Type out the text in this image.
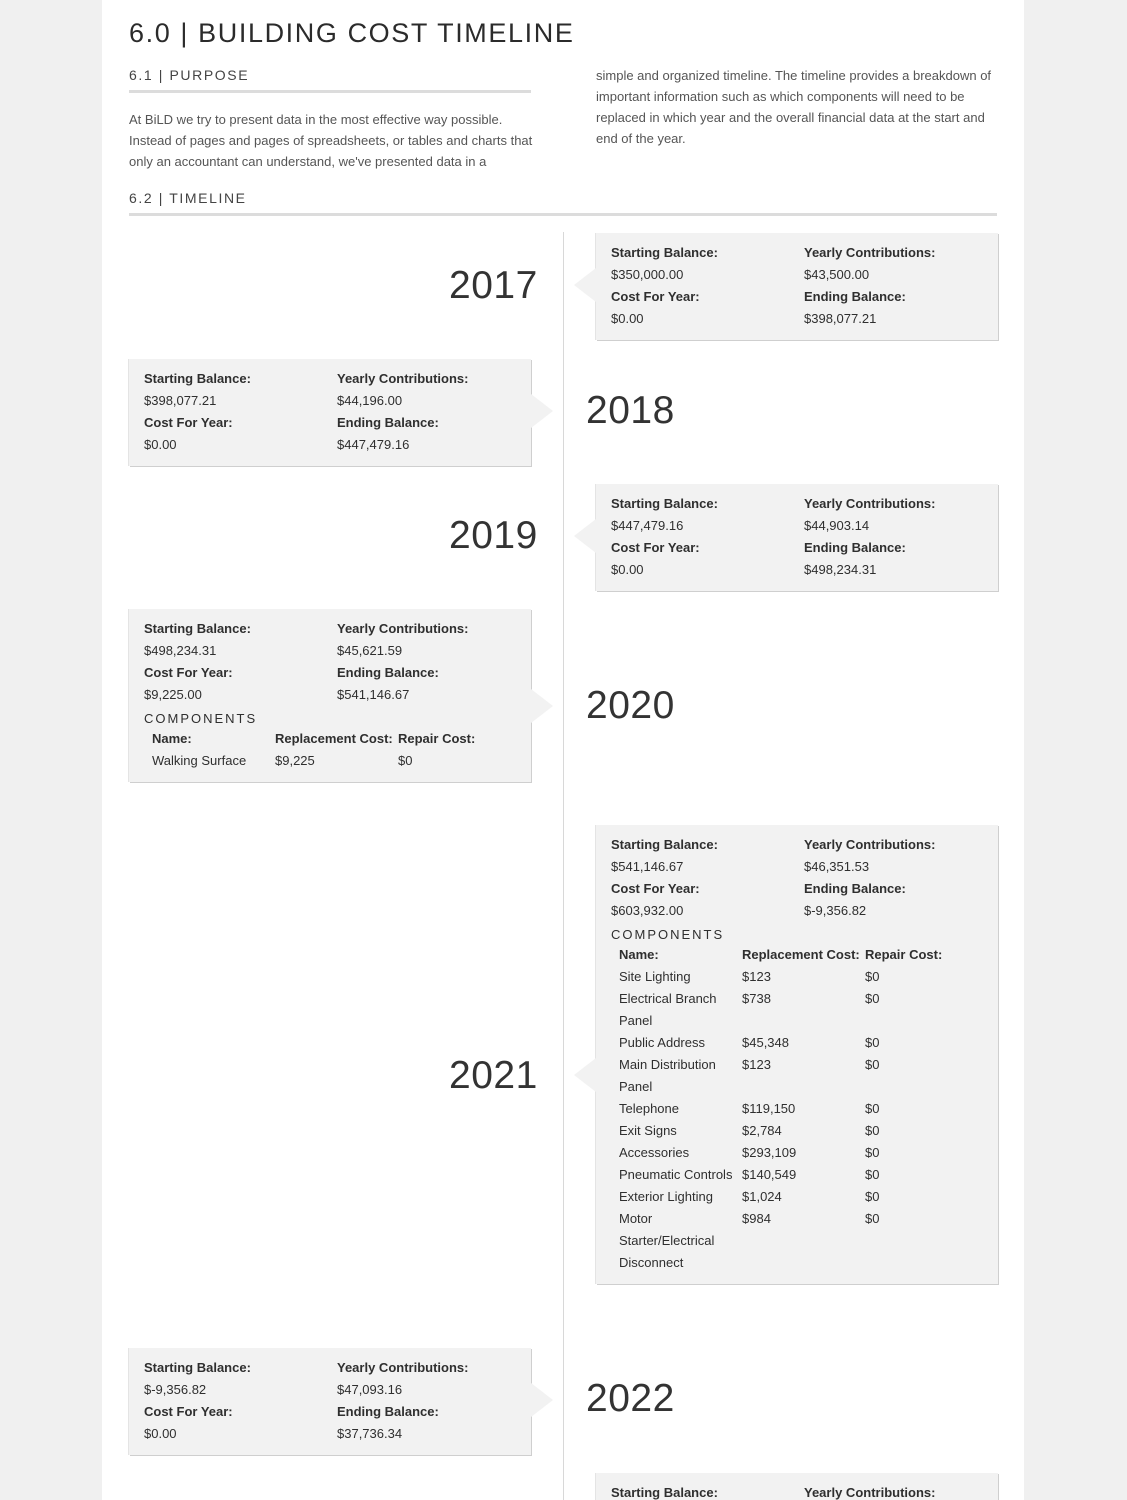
6.0 | BUILDING COST TIMELINE
6.1 | PURPOSE
At BiLD we try to present data in the most effective way possible. Instead of pages and pages of spreadsheets, or tables and charts that only an accountant can understand, we've presented data in a
simple and organized timeline. The timeline provides a breakdown of important information such as which components will need to be replaced in which year and the overall financial data at the start and end of the year.
6.2 | TIMELINE
2017
Starting Balance:	Yearly Contributions:
$350,000.00	$43,500.00
Cost For Year:	Ending Balance:
$0.00	$398,077.21
2018
Starting Balance:	Yearly Contributions:
$398,077.21	$44,196.00
Cost For Year:	Ending Balance:
$0.00	$447,479.16
2019
Starting Balance:	Yearly Contributions:
$447,479.16	$44,903.14
Cost For Year:	Ending Balance:
$0.00	$498,234.31
2020
Starting Balance:	Yearly Contributions:
$498,234.31	$45,621.59
Cost For Year:	Ending Balance:
$9,225.00	$541,146.67
COMPONENTS
Name:	Replacement Cost: Repair Cost:
Walking Surface	$9,225	$0
2021
Starting Balance:	Yearly Contributions:
$541,146.67	$46,351.53
Cost For Year:	Ending Balance:
$603,932.00	$-9,356.82
COMPONENTS
Name:	Replacement Cost: Repair Cost:
Site Lighting	$123	$0
Electrical Branch Panel
$738	$0
Public Address	$45,348	$0
Main Distribution Panel
$123	$0
Telephone	$119,150	$0
Exit Signs	$2,784	$0
Accessories	$293,109	$0
Pneumatic Controls $140,549	$0
Exterior Lighting	$1,024	$0
Motor Starter/Electrical Disconnect
$984	$0
2022
Starting Balance:	Yearly Contributions:
$-9,356.82	$47,093.16
Cost For Year:	Ending Balance:
$0.00	$37,736.34
Starting Balance:	Yearly Contributions:
